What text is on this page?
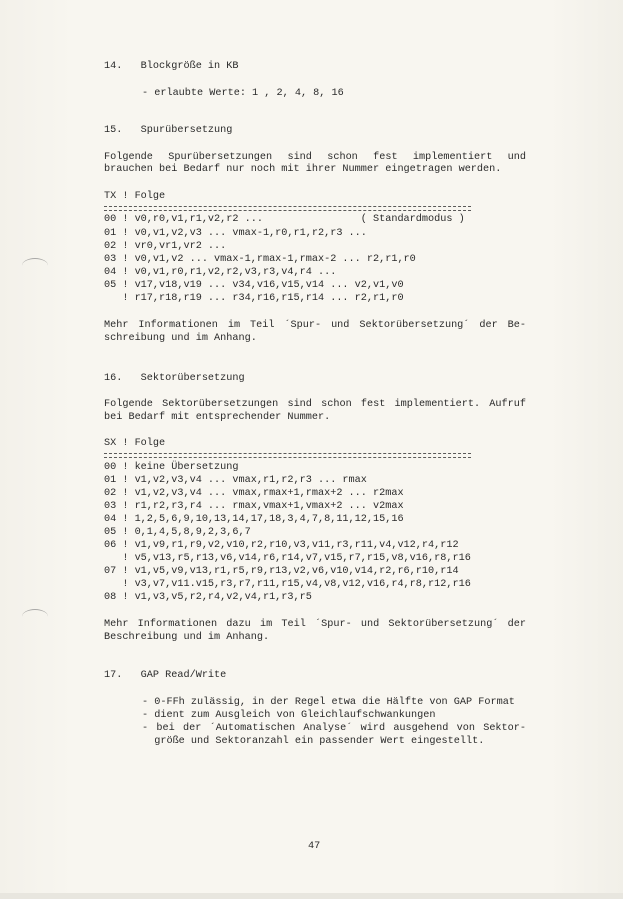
14.   Blockgröße in KB
- erlaubte Werte: 1 , 2, 4, 8, 16
15.   Spurübersetzung
Folgende Spurübersetzungen sind schon fest implementiert und
brauchen bei Bedarf nur noch mit ihrer Nummer eingetragen werden.
TX ! Folge
00 ! v0,r0,v1,r1,v2,r2 ...                ( Standardmodus )
01 ! v0,v1,v2,v3 ... vmax-1,r0,r1,r2,r3 ...
02 ! vr0,vr1,vr2 ...
03 ! v0,v1,v2 ... vmax-1,rmax-1,rmax-2 ... r2,r1,r0
04 ! v0,v1,r0,r1,v2,r2,v3,r3,v4,r4 ...
05 ! v17,v18,v19 ... v34,v16,v15,v14 ... v2,v1,v0
! r17,r18,r19 ... r34,r16,r15,r14 ... r2,r1,r0
Mehr Informationen im Teil ´Spur- und Sektorübersetzung´ der Be-
schreibung und im Anhang.
16.   Sektorübersetzung
Folgende Sektorübersetzungen sind schon fest implementiert. Aufruf
bei Bedarf mit entsprechender Nummer.
SX ! Folge
00 ! keine Übersetzung
01 ! v1,v2,v3,v4 ... vmax,r1,r2,r3 ... rmax
02 ! v1,v2,v3,v4 ... vmax,rmax+1,rmax+2 ... r2max
03 ! r1,r2,r3,r4 ... rmax,vmax+1,vmax+2 ... v2max
04 ! 1,2,5,6,9,10,13,14,17,18,3,4,7,8,11,12,15,16
05 ! 0,1,4,5,8,9,2,3,6,7
06 ! v1,v9,r1,r9,v2,v10,r2,r10,v3,v11,r3,r11,v4,v12,r4,r12
! v5,v13,r5,r13,v6,v14,r6,r14,v7,v15,r7,r15,v8,v16,r8,r16
07 ! v1,v5,v9,v13,r1,r5,r9,r13,v2,v6,v10,v14,r2,r6,r10,r14
! v3,v7,v11.v15,r3,r7,r11,r15,v4,v8,v12,v16,r4,r8,r12,r16
08 ! v1,v3,v5,r2,r4,v2,v4,r1,r3,r5
Mehr Informationen dazu im Teil ´Spur- und Sektorübersetzung´ der
Beschreibung und im Anhang.
17.   GAP Read/Write
- 0-FFh zulässig, in der Regel etwa die Hälfte von GAP Format
- dient zum Ausgleich von Gleichlaufschwankungen
- bei der ´Automatischen Analyse´ wird ausgehend von Sektor-
größe und Sektoranzahl ein passender Wert eingestellt.
47
